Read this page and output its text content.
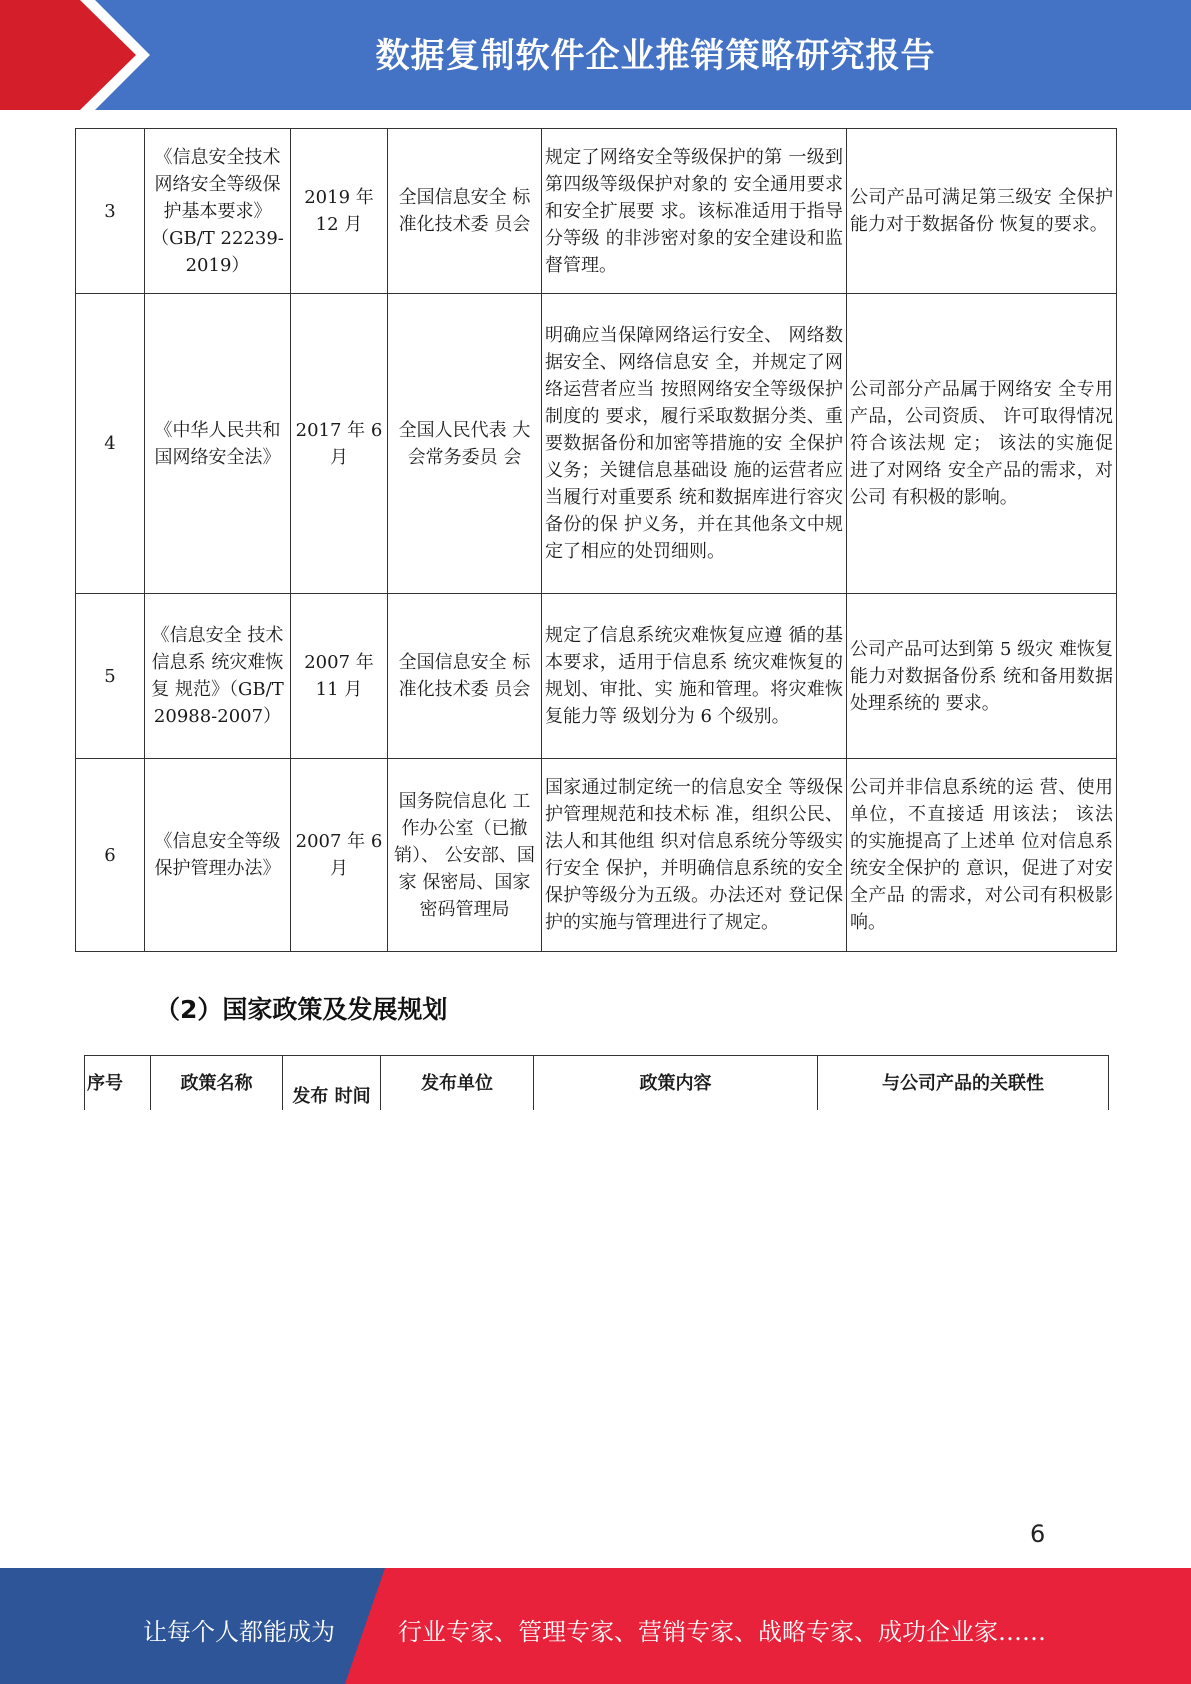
数据复制软件企业推销策略研究报告
3	《信息安全技术网络安全等级保护基本要求》（GB/T 22239-2019）	2019 年 12 月	全国信息安全 标准化技术委 员会	规定了网络安全等级保护的第 一级到第四级等级保护对象的 安全通用要求和安全扩展要 求。该标准适用于指导分等级 的非涉密对象的安全建设和监 督管理。	公司产品可满足第三级安 全保护能力对于数据备份 恢复的要求。
4	《中华人民共和国网络安全法》	2017 年 6 月	全国人民代表 大会常务委员 会	明确应当保障网络运行安全、 网络数据安全、网络信息安 全，并规定了网络运营者应当 按照网络安全等级保护制度的 要求，履行采取数据分类、重 要数据备份和加密等措施的安 全保护义务；关键信息基础设 施的运营者应当履行对重要系 统和数据库进行容灾备份的保 护义务，并在其他条文中规定了相应的处罚细则。	公司部分产品属于网络安 全专用产品，公司资质、 许可取得情况符合该法规 定； 该法的实施促进了对网络 安全产品的需求，对公司 有积极的影响。
5	《信息安全 技术信息系 统灾难恢复 规范》（GB/T 20988-2007）	2007 年 11 月	全国信息安全 标准化技术委 员会	规定了信息系统灾难恢复应遵 循的基本要求，适用于信息系 统灾难恢复的规划、审批、实 施和管理。将灾难恢复能力等 级划分为 6 个级别。	公司产品可达到第 5 级灾 难恢复能力对数据备份系 统和备用数据处理系统的 要求。
6	《信息安全等级保护管理办法》	2007 年 6 月	国务院信息化 工作办公室（已撤销）、 公安部、国家 保密局、国家 密码管理局	国家通过制定统一的信息安全 等级保护管理规范和技术标 准，组织公民、法人和其他组 织对信息系统分等级实行安全 保护，并明确信息系统的安全 保护等级分为五级。办法还对 登记保护的实施与管理进行了规定。	公司并非信息系统的运 营、使用单位，不直接适 用该法； 该法的实施提高了上述单 位对信息系统安全保护的 意识，促进了对安全产品 的需求，对公司有积极影响。
（2）国家政策及发展规划
序号	政策名称	发布 时间	发布单位	政策内容	与公司产品的关联性
6
让每个人都能成为	行业专家、管理专家、营销专家、战略专家、成功企业家……
